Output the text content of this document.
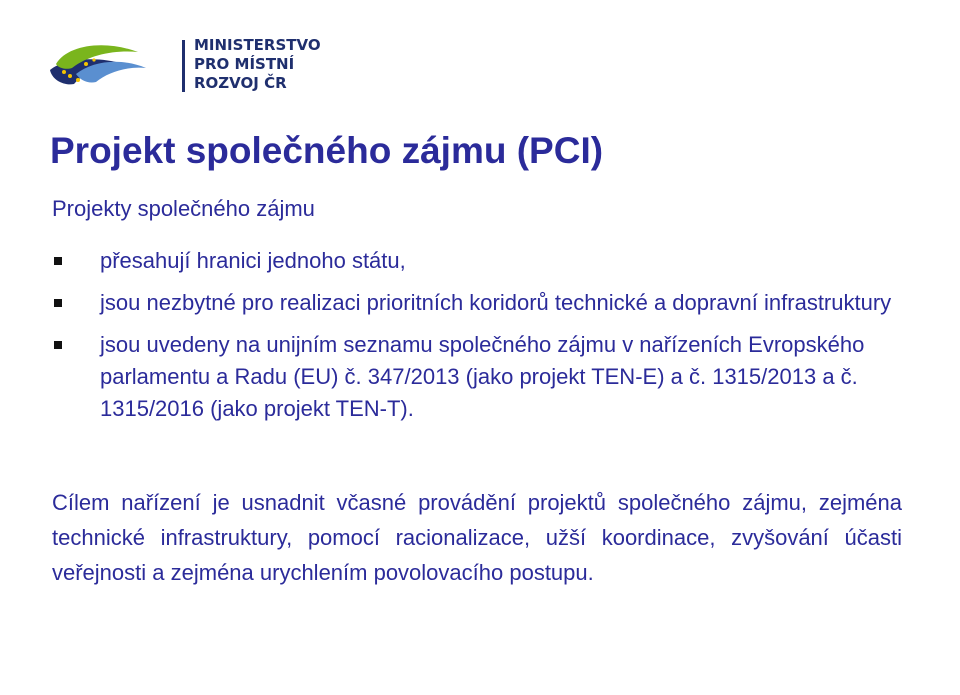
MINISTERSTVO
PRO MÍSTNÍ
ROZVOJ ČR
Projekt společného zájmu (PCI)
Projekty společného zájmu
přesahují hranici jednoho státu,
jsou nezbytné pro realizaci prioritních koridorů technické a dopravní infrastruktury
jsou uvedeny na unijním seznamu společného zájmu v nařízeních Evropského parlamentu a Radu (EU) č. 347/2013 (jako projekt TEN-E) a č. 1315/2013 a č. 1315/2016 (jako projekt TEN-T).

Cílem nařízení je usnadnit včasné provádění projektů společného zájmu, zejména technické infrastruktury, pomocí racionalizace, užší koordinace, zvyšování účasti veřejnosti a zejména urychlením povolovacího postupu.
